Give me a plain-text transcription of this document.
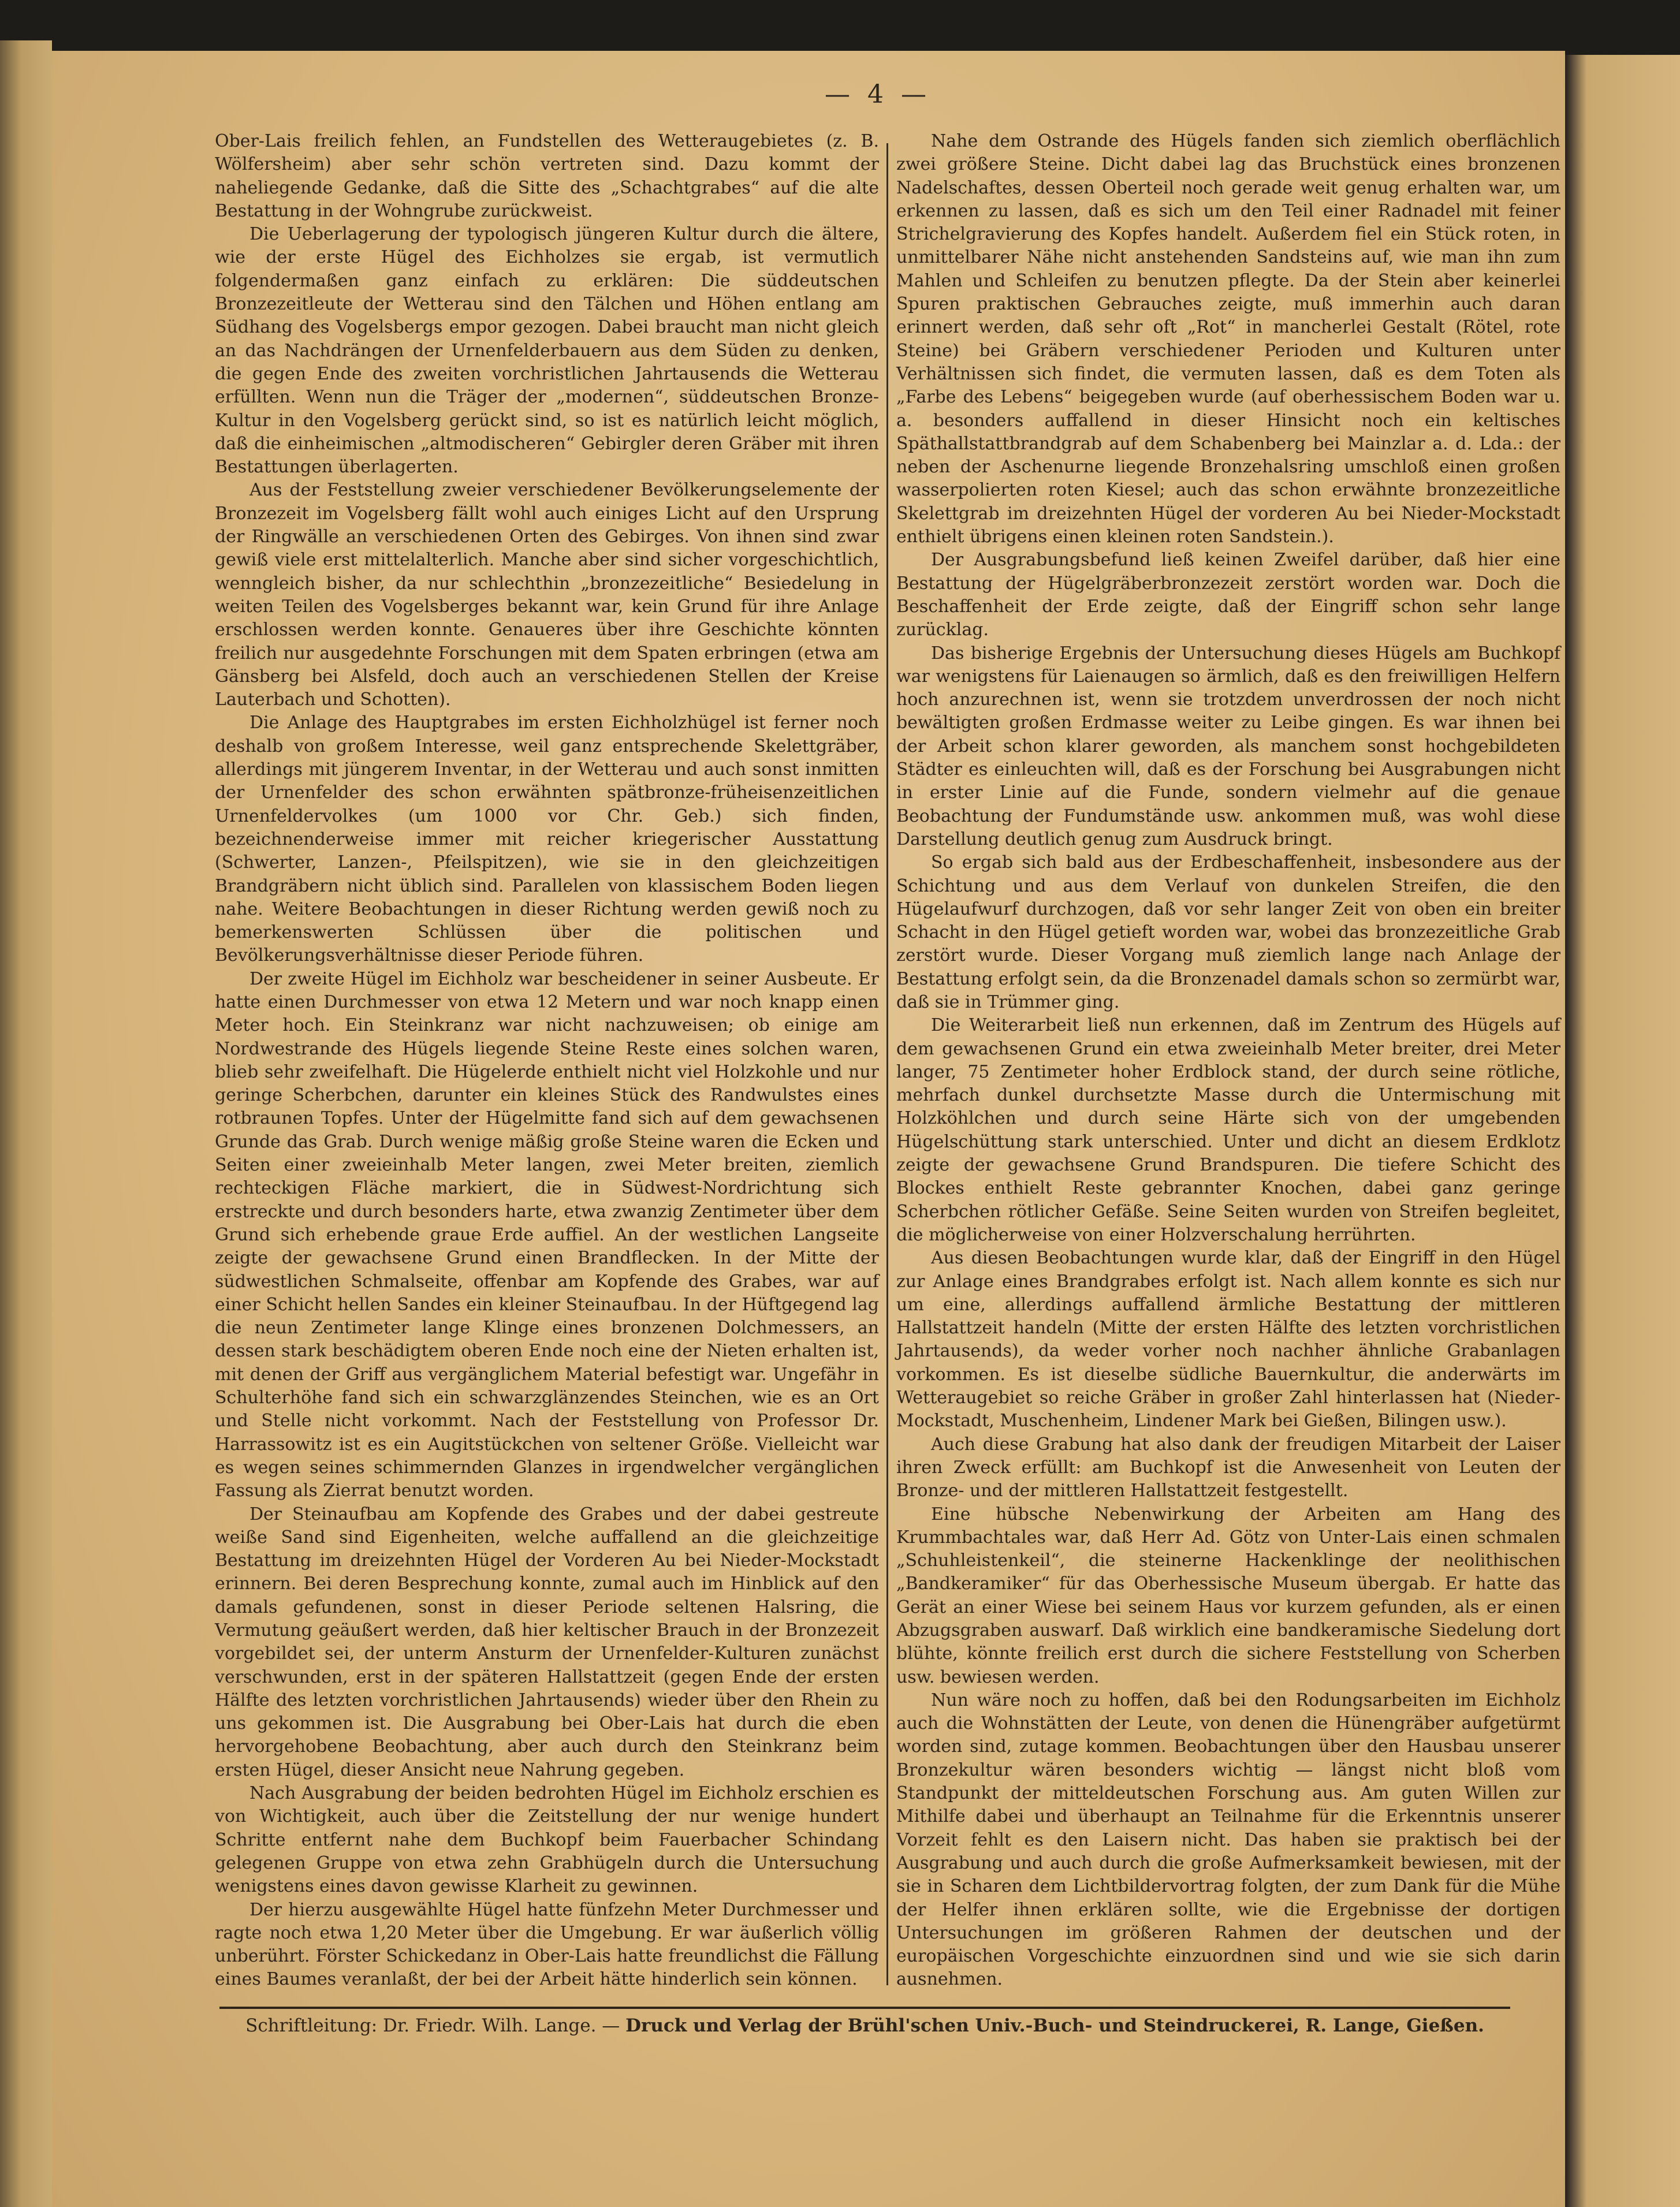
— 4 —

Ober-Lais freilich fehlen, an Fundstellen des Wetteraugebietes (z. B. Wölfersheim) aber sehr schön vertreten sind. Dazu kommt der naheliegende Gedanke, daß die Sitte des „Schachtgrabes“ auf die alte Bestattung in der Wohngrube zurückweist.

Die Ueberlagerung der typologisch jüngeren Kultur durch die ältere, wie der erste Hügel des Eichholzes sie ergab, ist vermutlich folgendermaßen ganz einfach zu erklären: Die süddeutschen Bronzezeitleute der Wetterau sind den Tälchen und Höhen entlang am Südhang des Vogelsbergs empor gezogen. Dabei braucht man nicht gleich an das Nachdrängen der Urnenfelderbauern aus dem Süden zu denken, die gegen Ende des zweiten vorchristlichen Jahrtausends die Wetterau erfüllten. Wenn nun die Träger der „modernen“, süddeutschen Bronze-Kultur in den Vogelsberg gerückt sind, so ist es natürlich leicht möglich, daß die einheimischen „altmodischeren“ Gebirgler deren Gräber mit ihren Bestattungen überlagerten.

Aus der Feststellung zweier verschiedener Bevölkerungselemente der Bronzezeit im Vogelsberg fällt wohl auch einiges Licht auf den Ursprung der Ringwälle an verschiedenen Orten des Gebirges. Von ihnen sind zwar gewiß viele erst mittelalterlich. Manche aber sind sicher vorgeschichtlich, wenngleich bisher, da nur schlechthin „bronzezeitliche“ Besiedelung in weiten Teilen des Vogelsberges bekannt war, kein Grund für ihre Anlage erschlossen werden konnte. Genaueres über ihre Geschichte könnten freilich nur ausgedehnte Forschungen mit dem Spaten erbringen (etwa am Gänsberg bei Alsfeld, doch auch an verschiedenen Stellen der Kreise Lauterbach und Schotten).

Die Anlage des Hauptgrabes im ersten Eichholzhügel ist ferner noch deshalb von großem Interesse, weil ganz entsprechende Skelettgräber, allerdings mit jüngerem Inventar, in der Wetterau und auch sonst inmitten der Urnenfelder des schon erwähnten spätbronze-früheisenzeitlichen Urnenfeldervolkes (um 1000 vor Chr. Geb.) sich finden, bezeichnenderweise immer mit reicher kriegerischer Ausstattung (Schwerter, Lanzen-, Pfeilspitzen), wie sie in den gleichzeitigen Brandgräbern nicht üblich sind. Parallelen von klassischem Boden liegen nahe. Weitere Beobachtungen in dieser Richtung werden gewiß noch zu bemerkenswerten Schlüssen über die politischen und Bevölkerungsverhältnisse dieser Periode führen.

Der zweite Hügel im Eichholz war bescheidener in seiner Ausbeute. Er hatte einen Durchmesser von etwa 12 Metern und war noch knapp einen Meter hoch. Ein Steinkranz war nicht nachzuweisen; ob einige am Nordwestrande des Hügels liegende Steine Reste eines solchen waren, blieb sehr zweifelhaft. Die Hügelerde enthielt nicht viel Holzkohle und nur geringe Scherbchen, darunter ein kleines Stück des Randwulstes eines rotbraunen Topfes. Unter der Hügelmitte fand sich auf dem gewachsenen Grunde das Grab. Durch wenige mäßig große Steine waren die Ecken und Seiten einer zweieinhalb Meter langen, zwei Meter breiten, ziemlich rechteckigen Fläche markiert, die in Südwest-Nordrichtung sich erstreckte und durch besonders harte, etwa zwanzig Zentimeter über dem Grund sich erhebende graue Erde auffiel. An der westlichen Langseite zeigte der gewachsene Grund einen Brandflecken. In der Mitte der südwestlichen Schmalseite, offenbar am Kopfende des Grabes, war auf einer Schicht hellen Sandes ein kleiner Steinaufbau. In der Hüftgegend lag die neun Zentimeter lange Klinge eines bronzenen Dolchmessers, an dessen stark beschädigtem oberen Ende noch eine der Nieten erhalten ist, mit denen der Griff aus vergänglichem Material befestigt war. Ungefähr in Schulterhöhe fand sich ein schwarzglänzendes Steinchen, wie es an Ort und Stelle nicht vorkommt. Nach der Feststellung von Professor Dr. Harrassowitz ist es ein Augitstückchen von seltener Größe. Vielleicht war es wegen seines schimmernden Glanzes in irgendwelcher vergänglichen Fassung als Zierrat benutzt worden.

Der Steinaufbau am Kopfende des Grabes und der dabei gestreute weiße Sand sind Eigenheiten, welche auffallend an die gleichzeitige Bestattung im dreizehnten Hügel der Vorderen Au bei Nieder-Mockstadt erinnern. Bei deren Besprechung konnte, zumal auch im Hinblick auf den damals gefundenen, sonst in dieser Periode seltenen Halsring, die Vermutung geäußert werden, daß hier keltischer Brauch in der Bronzezeit vorgebildet sei, der unterm Ansturm der Urnenfelder-Kulturen zunächst verschwunden, erst in der späteren Hallstattzeit (gegen Ende der ersten Hälfte des letzten vorchristlichen Jahrtausends) wieder über den Rhein zu uns gekommen ist. Die Ausgrabung bei Ober-Lais hat durch die eben hervorgehobene Beobachtung, aber auch durch den Steinkranz beim ersten Hügel, dieser Ansicht neue Nahrung gegeben.

Nach Ausgrabung der beiden bedrohten Hügel im Eichholz erschien es von Wichtigkeit, auch über die Zeitstellung der nur wenige hundert Schritte entfernt nahe dem Buchkopf beim Fauerbacher Schindang gelegenen Gruppe von etwa zehn Grabhügeln durch die Untersuchung wenigstens eines davon gewisse Klarheit zu gewinnen.

Der hierzu ausgewählte Hügel hatte fünfzehn Meter Durchmesser und ragte noch etwa 1,20 Meter über die Umgebung. Er war äußerlich völlig unberührt. Förster Schickedanz in Ober-Lais hatte freundlichst die Fällung eines Baumes veranlaßt, der bei der Arbeit hätte hinderlich sein können.

Nahe dem Ostrande des Hügels fanden sich ziemlich oberflächlich zwei größere Steine. Dicht dabei lag das Bruchstück eines bronzenen Nadelschaftes, dessen Oberteil noch gerade weit genug erhalten war, um erkennen zu lassen, daß es sich um den Teil einer Radnadel mit feiner Strichelgravierung des Kopfes handelt. Außerdem fiel ein Stück roten, in unmittelbarer Nähe nicht anstehenden Sandsteins auf, wie man ihn zum Mahlen und Schleifen zu benutzen pflegte. Da der Stein aber keinerlei Spuren praktischen Gebrauches zeigte, muß immerhin auch daran erinnert werden, daß sehr oft „Rot“ in mancherlei Gestalt (Rötel, rote Steine) bei Gräbern verschiedener Perioden und Kulturen unter Verhältnissen sich findet, die vermuten lassen, daß es dem Toten als „Farbe des Lebens“ beigegeben wurde (auf oberhessischem Boden war u. a. besonders auffallend in dieser Hinsicht noch ein keltisches Späthallstattbrandgrab auf dem Schabenberg bei Mainzlar a. d. Lda.: der neben der Aschenurne liegende Bronzehalsring umschloß einen großen wasserpolierten roten Kiesel; auch das schon erwähnte bronzezeitliche Skelettgrab im dreizehnten Hügel der vorderen Au bei Nieder-Mockstadt enthielt übrigens einen kleinen roten Sandstein.).

Der Ausgrabungsbefund ließ keinen Zweifel darüber, daß hier eine Bestattung der Hügelgräberbronzezeit zerstört worden war. Doch die Beschaffenheit der Erde zeigte, daß der Eingriff schon sehr lange zurücklag.

Das bisherige Ergebnis der Untersuchung dieses Hügels am Buchkopf war wenigstens für Laienaugen so ärmlich, daß es den freiwilligen Helfern hoch anzurechnen ist, wenn sie trotzdem unverdrossen der noch nicht bewältigten großen Erdmasse weiter zu Leibe gingen. Es war ihnen bei der Arbeit schon klarer geworden, als manchem sonst hochgebildeten Städter es einleuchten will, daß es der Forschung bei Ausgrabungen nicht in erster Linie auf die Funde, sondern vielmehr auf die genaue Beobachtung der Fundumstände usw. ankommen muß, was wohl diese Darstellung deutlich genug zum Ausdruck bringt.

So ergab sich bald aus der Erdbeschaffenheit, insbesondere aus der Schichtung und aus dem Verlauf von dunkelen Streifen, die den Hügelaufwurf durchzogen, daß vor sehr langer Zeit von oben ein breiter Schacht in den Hügel getieft worden war, wobei das bronzezeitliche Grab zerstört wurde. Dieser Vorgang muß ziemlich lange nach Anlage der Bestattung erfolgt sein, da die Bronzenadel damals schon so zermürbt war, daß sie in Trümmer ging.

Die Weiterarbeit ließ nun erkennen, daß im Zentrum des Hügels auf dem gewachsenen Grund ein etwa zweieinhalb Meter breiter, drei Meter langer, 75 Zentimeter hoher Erdblock stand, der durch seine rötliche, mehrfach dunkel durchsetzte Masse durch die Untermischung mit Holzköhlchen und durch seine Härte sich von der umgebenden Hügelschüttung stark unterschied. Unter und dicht an diesem Erdklotz zeigte der gewachsene Grund Brandspuren. Die tiefere Schicht des Blockes enthielt Reste gebrannter Knochen, dabei ganz geringe Scherbchen rötlicher Gefäße. Seine Seiten wurden von Streifen begleitet, die möglicherweise von einer Holzverschalung herrührten.

Aus diesen Beobachtungen wurde klar, daß der Eingriff in den Hügel zur Anlage eines Brandgrabes erfolgt ist. Nach allem konnte es sich nur um eine, allerdings auffallend ärmliche Bestattung der mittleren Hallstattzeit handeln (Mitte der ersten Hälfte des letzten vorchristlichen Jahrtausends), da weder vorher noch nachher ähnliche Grabanlagen vorkommen. Es ist dieselbe südliche Bauernkultur, die anderwärts im Wetteraugebiet so reiche Gräber in großer Zahl hinterlassen hat (Nieder-Mockstadt, Muschenheim, Lindener Mark bei Gießen, Bilingen usw.).

Auch diese Grabung hat also dank der freudigen Mitarbeit der Laiser ihren Zweck erfüllt: am Buchkopf ist die Anwesenheit von Leuten der Bronze- und der mittleren Hallstattzeit festgestellt.

Eine hübsche Nebenwirkung der Arbeiten am Hang des Krummbachtales war, daß Herr Ad. Götz von Unter-Lais einen schmalen „Schuhleistenkeil“, die steinerne Hackenklinge der neolithischen „Bandkeramiker“ für das Oberhessische Museum übergab. Er hatte das Gerät an einer Wiese bei seinem Haus vor kurzem gefunden, als er einen Abzugsgraben auswarf. Daß wirklich eine bandkeramische Siedelung dort blühte, könnte freilich erst durch die sichere Feststellung von Scherben usw. bewiesen werden.

Nun wäre noch zu hoffen, daß bei den Rodungsarbeiten im Eichholz auch die Wohnstätten der Leute, von denen die Hünengräber aufgetürmt worden sind, zutage kommen. Beobachtungen über den Hausbau unserer Bronzekultur wären besonders wichtig — längst nicht bloß vom Standpunkt der mitteldeutschen Forschung aus. Am guten Willen zur Mithilfe dabei und überhaupt an Teilnahme für die Erkenntnis unserer Vorzeit fehlt es den Laisern nicht. Das haben sie praktisch bei der Ausgrabung und auch durch die große Aufmerksamkeit bewiesen, mit der sie in Scharen dem Lichtbildervortrag folgten, der zum Dank für die Mühe der Helfer ihnen erklären sollte, wie die Ergebnisse der dortigen Untersuchungen im größeren Rahmen der deutschen und der europäischen Vorgeschichte einzuordnen sind und wie sie sich darin ausnehmen.

Schriftleitung: Dr. Friedr. Wilh. Lange. — Druck und Verlag der Brühl'schen Univ.-Buch- und Steindruckerei, R. Lange, Gießen.
